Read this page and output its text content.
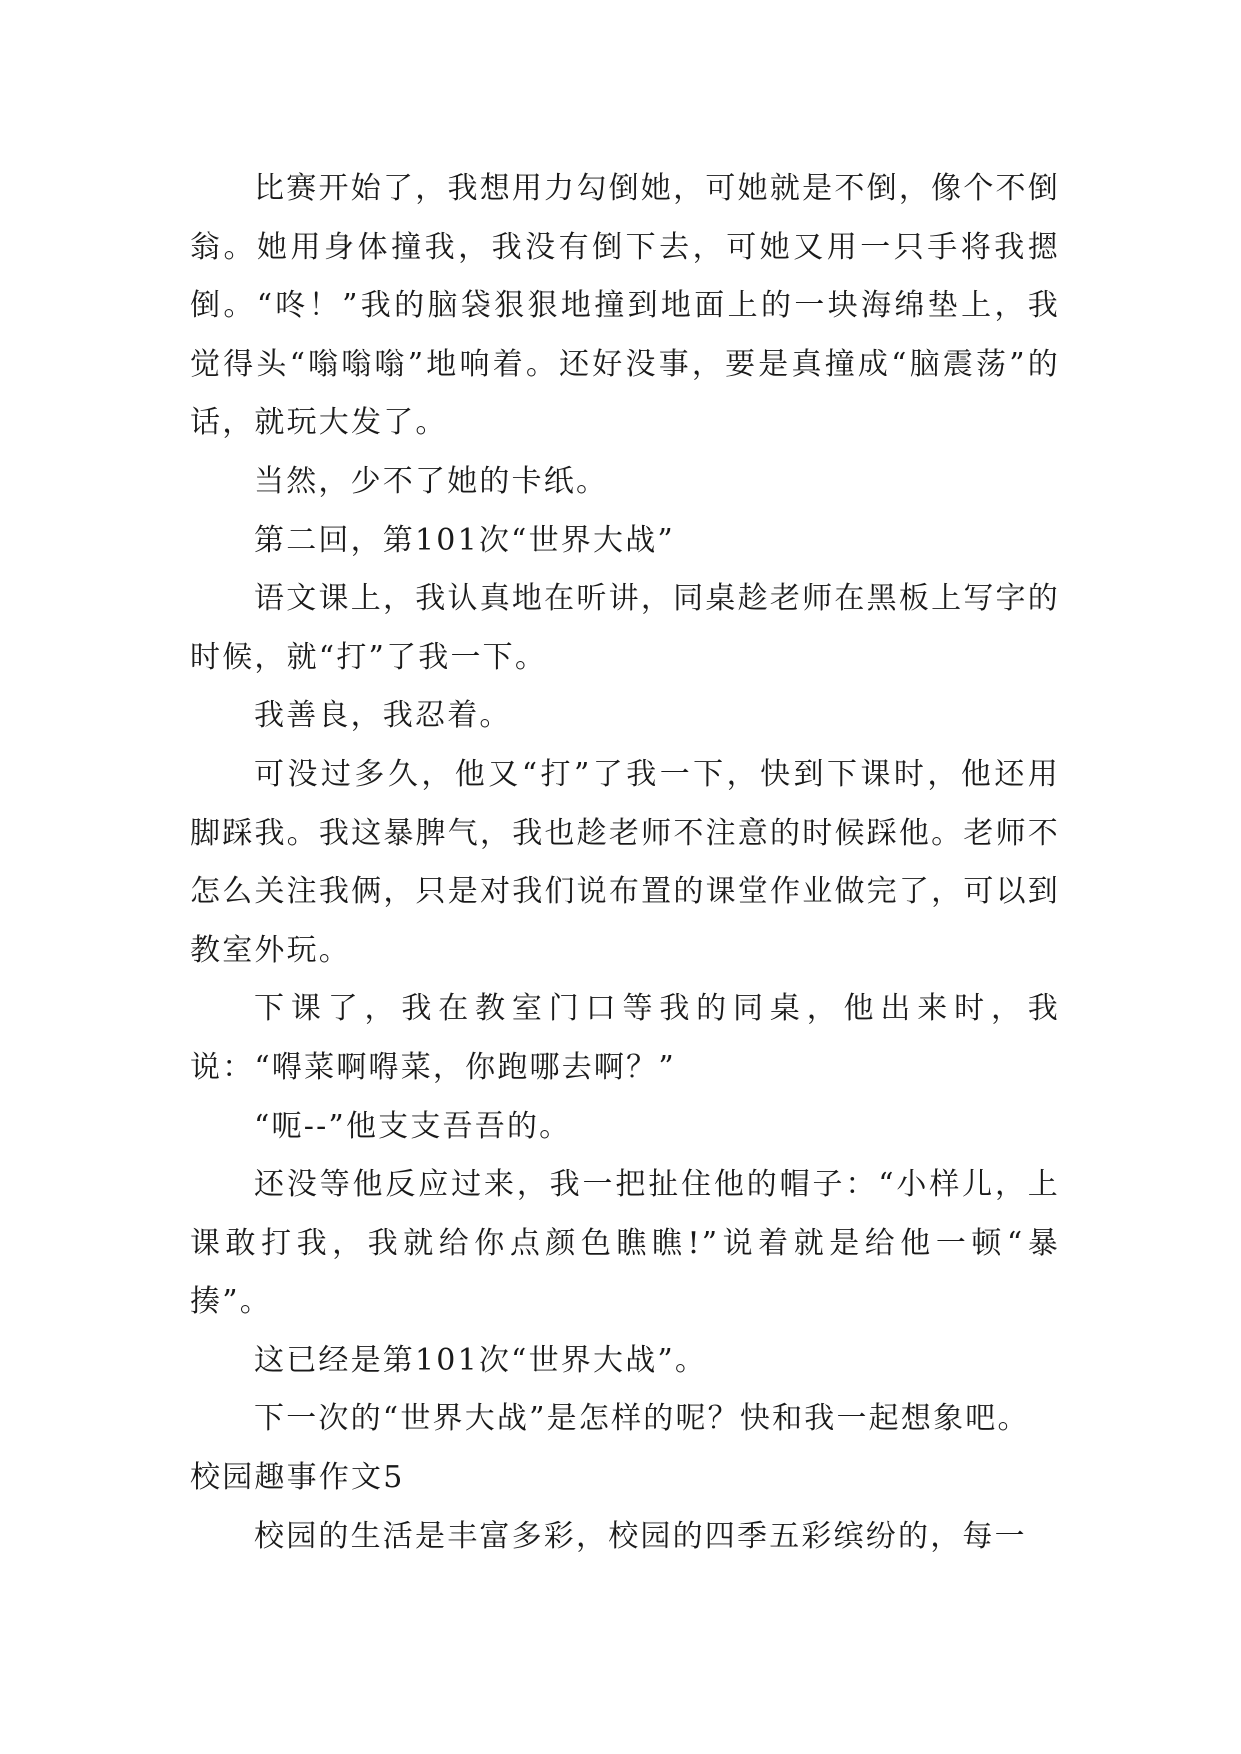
比赛开始了，我想用力勾倒她，可她就是不倒，像个不倒翁。她用身体撞我，我没有倒下去，可她又用一只手将我摁倒。“咚！”我的脑袋狠狠地撞到地面上的一块海绵垫上，我觉得头“嗡嗡嗡”地响着。还好没事，要是真撞成“脑震荡”的话，就玩大发了。

当然，少不了她的卡纸。

第二回，第101次“世界大战”

语文课上，我认真地在听讲，同桌趁老师在黑板上写字的时候，就“打”了我一下。

我善良，我忍着。

可没过多久，他又“打”了我一下，快到下课时，他还用脚踩我。我这暴脾气，我也趁老师不注意的时候踩他。老师不怎么关注我俩，只是对我们说布置的课堂作业做完了，可以到教室外玩。

下课了，我在教室门口等我的同桌，他出来时，我说：“嘚菜啊嘚菜，你跑哪去啊？”

“呃--”他支支吾吾的。

还没等他反应过来，我一把扯住他的帽子：“小样儿，上课敢打我，我就给你点颜色瞧瞧!”说着就是给他一顿“暴揍”。

这已经是第101次“世界大战”。

下一次的“世界大战”是怎样的呢？快和我一起想象吧。

校园趣事作文5

校园的生活是丰富多彩，校园的四季五彩缤纷的，每一
